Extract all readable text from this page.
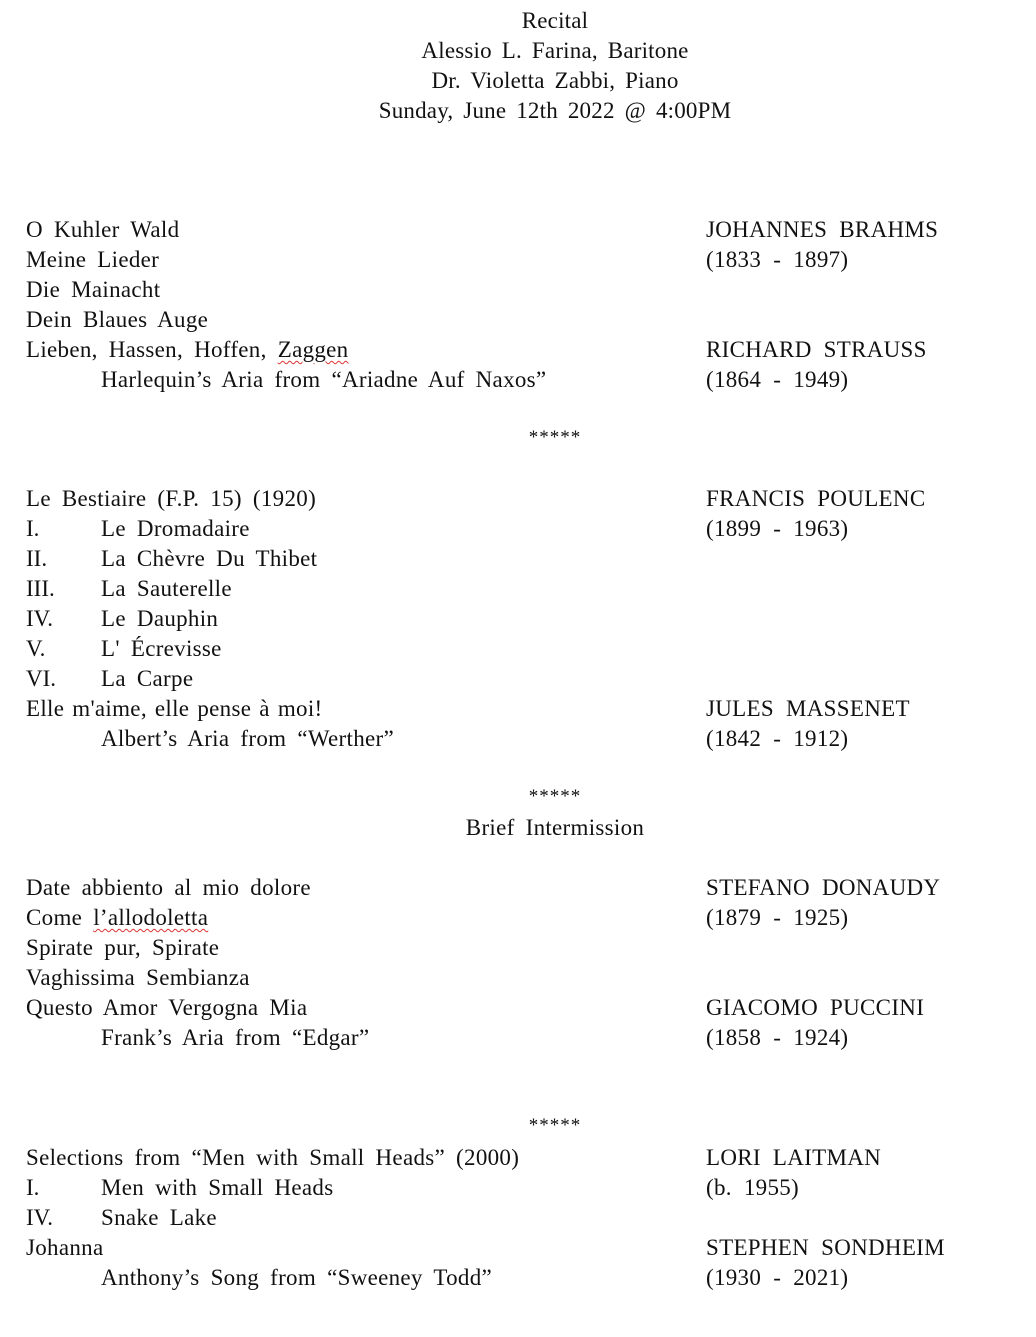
Recital
Alessio L. Farina, Baritone
Dr. Violetta Zabbi, Piano
Sunday, June 12th 2022 @ 4:00PM
O Kuhler Wald
Meine Lieder
Die Mainacht
Dein Blaues Auge
Lieben, Hassen, Hoffen, Zaggen
Harlequin’s Aria from “Ariadne Auf Naxos”
JOHANNES BRAHMS
(1833 - 1897)
RICHARD STRAUSS
(1864 - 1949)
*****
Le Bestiaire (F.P. 15) (1920)
I.	Le Dromadaire
II. La Chèvre Du Thibet
III. La Sauterelle
IV. Le Dauphin
V. L' Écrevisse
VI. La Carpe
Elle m'aime, elle pense à moi!
Albert’s Aria from “Werther”
FRANCIS POULENC
(1899 - 1963)
JULES MASSENET
(1842 - 1912)
*****
Brief Intermission
Date abbiento al mio dolore
Come l’allodoletta
Spirate pur, Spirate
Vaghissima Sembianza
Questo Amor Vergogna Mia
Frank’s Aria from “Edgar”
STEFANO DONAUDY
(1879 - 1925)
GIACOMO PUCCINI
(1858 - 1924)
*****
Selections from “Men with Small Heads” (2000)
I.	Men with Small Heads
IV. Snake Lake
Johanna
Anthony’s Song from “Sweeney Todd”
LORI LAITMAN
(b. 1955)
STEPHEN SONDHEIM
(1930 - 2021)
